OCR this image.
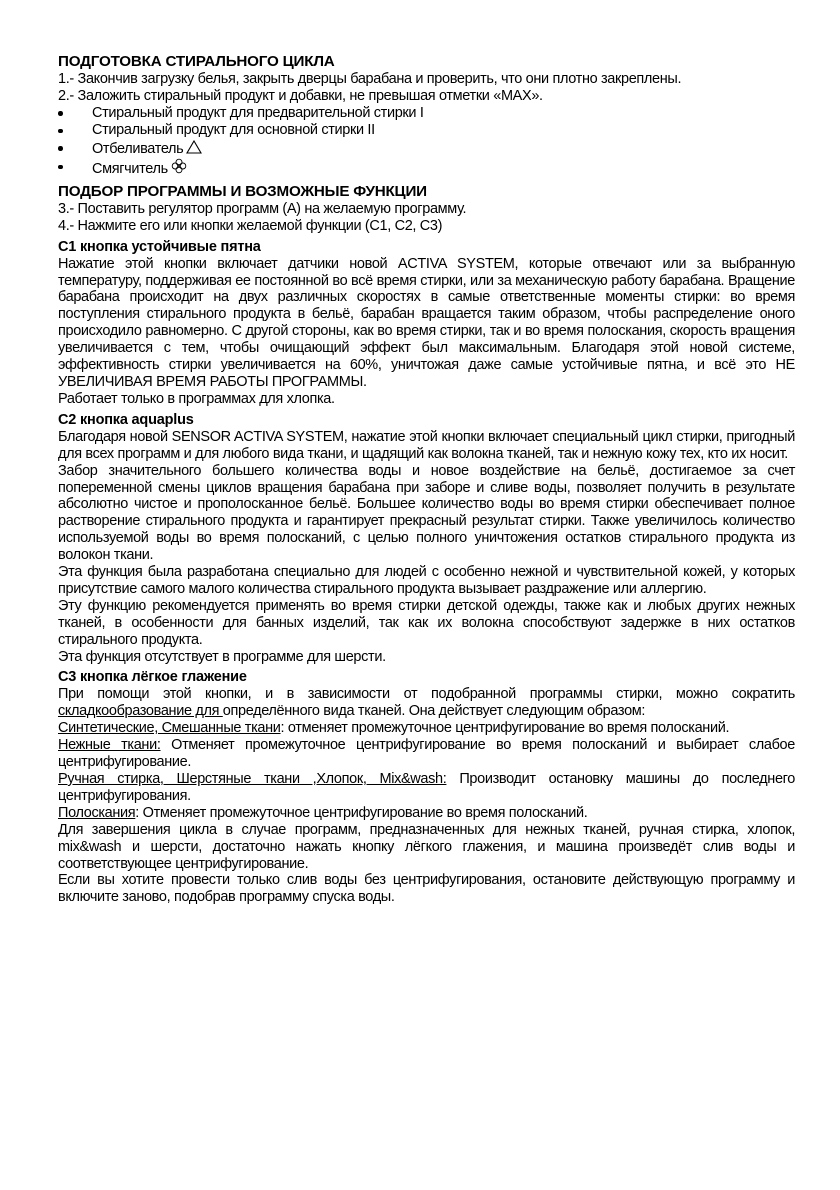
ПОДГОТОВКА СТИРАЛЬНОГО ЦИКЛА

1.- Закончив загрузку белья, закрыть дверцы барабана и проверить, что они плотно закреплены.

2.- Заложить стиральный продукт и добавки, не превышая отметки «MAX».

Стиральный продукт для предварительной стирки I
Стиральный продукт для основной стирки II
Отбеливатель
Смягчитель

ПОДБОР ПРОГРАММЫ И ВОЗМОЖНЫЕ ФУНКЦИИ

3.- Поставить регулятор программ (A) на желаемую программу.

4.- Нажмите его или кнопки желаемой функции (C1, C2, C3)

C1 кнопка устойчивые пятна

Нажатие этой кнопки включает датчики новой ACTIVA SYSTEM, которые отвечают или за выбранную температуру, поддерживая ее постоянной во всё время стирки, или за механическую работу барабана. Вращение барабана происходит на двух различных скоростях в самые ответственные моменты стирки: во время поступления стирального продукта в бельё, барабан вращается таким образом, чтобы распределение оного происходило равномерно. С другой стороны, как во время стирки, так и во время полоскания, скорость вращения увеличивается с тем, чтобы очищающий эффект был максимальным. Благодаря этой новой системе, эффективность стирки увеличивается на 60%, уничтожая даже самые устойчивые пятна, и всё это НЕ УВЕЛИЧИВАЯ ВРЕМЯ РАБОТЫ ПРОГРАММЫ.

Работает только в программах для хлопка.

C2 кнопка aquaplus

Благодаря новой SENSOR ACTIVA SYSTEM, нажатие этой кнопки включает специальный цикл стирки, пригодный для всех программ и для любого вида ткани, и щадящий как волокна тканей, так и нежную кожу тех, кто их носит.

Забор значительного большего количества воды и новое воздействие на бельё, достигаемое за счет попеременной смены циклов вращения барабана при заборе и сливе воды, позволяет получить в результате абсолютно чистое и прополосканное бельё. Большее количество воды во время стирки обеспечивает полное растворение стирального продукта и гарантирует прекрасный результат стирки. Также увеличилось количество используемой воды во время полосканий, с целью полного уничтожения остатков стирального продукта из волокон ткани.

Эта функция была разработана специально для людей с особенно нежной и чувствительной кожей, у которых присутствие самого малого количества стирального продукта вызывает раздражение или аллергию.

Эту функцию рекомендуется применять во время стирки детской одежды, также как и любых других нежных тканей, в особенности для банных изделий, так как их волокна способствуют задержке в них остатков стирального продукта.

Эта функция отсутствует в программе для шерсти.

C3 кнопка лёгкое глажение

При помощи этой кнопки, и в зависимости от подобранной программы стирки, можно сократить складкообразование для определённого вида тканей. Она действует следующим образом:

Синтетические, Смешанные ткани: отменяет промежуточное центрифугирование во время полосканий.

Нежные ткани: Отменяет промежуточное центрифугирование во время полосканий и выбирает слабое центрифугирование.

Ручная стирка, Шерстяные ткани ,Хлопок, Mix&wash: Производит остановку машины до последнего центрифугирования.

Полоскания: Отменяет промежуточное центрифугирование во время полосканий.

Для завершения цикла в случае программ, предназначенных для нежных тканей, ручная стирка, хлопок, mix&wash и шерсти, достаточно нажать кнопку лёгкого глажения, и машина произведёт слив воды и соответствующее центрифугирование.

Если вы хотите провести только слив воды без центрифугирования, остановите действующую программу и включите заново, подобрав программу спуска воды.
